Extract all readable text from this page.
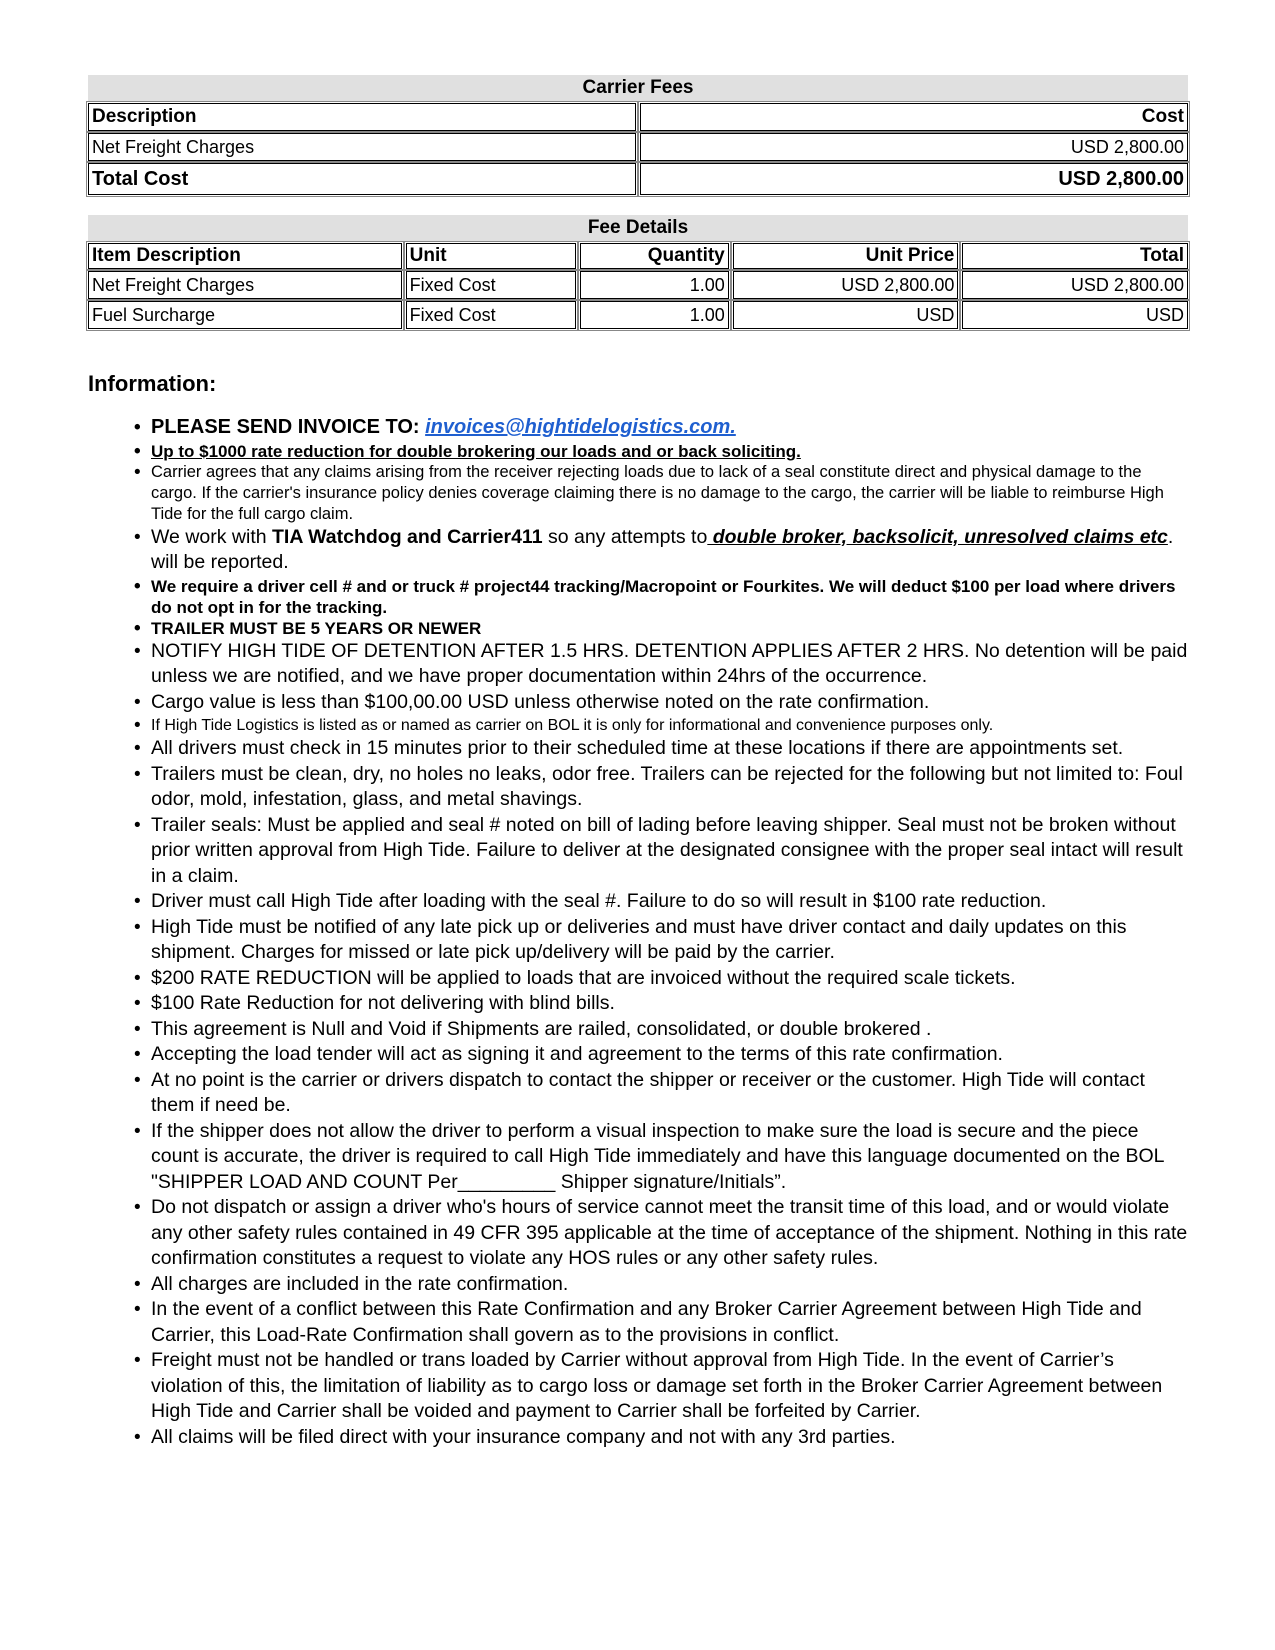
Carrier Fees
Description	Cost
Net Freight Charges	USD 2,800.00
Total Cost	USD 2,800.00
Fee Details
Item Description	Unit	Quantity	Unit Price	Total
Net Freight Charges	Fixed Cost	1.00	USD 2,800.00	USD 2,800.00
Fuel Surcharge	Fixed Cost	1.00	USD	USD
Information:
• PLEASE SEND INVOICE TO: invoices@hightidelogistics.com.
• Up to $1000 rate reduction for double brokering our loads and or back soliciting.
• Carrier agrees that any claims arising from the receiver rejecting loads due to lack of a seal constitute direct and physical damage to the cargo. If the carrier's insurance policy denies coverage claiming there is no damage to the cargo, the carrier will be liable to reimburse High Tide for the full cargo claim.
• We work with TIA Watchdog and Carrier411 so any attempts to double broker, backsolicit, unresolved claims etc. will be reported.
• We require a driver cell # and or truck # project44 tracking/Macropoint or Fourkites. We will deduct $100 per load where drivers do not opt in for the tracking.
• TRAILER MUST BE 5 YEARS OR NEWER
• NOTIFY HIGH TIDE OF DETENTION AFTER 1.5 HRS. DETENTION APPLIES AFTER 2 HRS. No detention will be paid unless we are notified, and we have proper documentation within 24hrs of the occurrence.
• Cargo value is less than $100,00.00 USD unless otherwise noted on the rate confirmation.
• If High Tide Logistics is listed as or named as carrier on BOL it is only for informational and convenience purposes only.
• All drivers must check in 15 minutes prior to their scheduled time at these locations if there are appointments set.
• Trailers must be clean, dry, no holes no leaks, odor free. Trailers can be rejected for the following but not limited to: Foul odor, mold, infestation, glass, and metal shavings.
• Trailer seals: Must be applied and seal # noted on bill of lading before leaving shipper. Seal must not be broken without prior written approval from High Tide. Failure to deliver at the designated consignee with the proper seal intact will result in a claim.
• Driver must call High Tide after loading with the seal #. Failure to do so will result in $100 rate reduction.
• High Tide must be notified of any late pick up or deliveries and must have driver contact and daily updates on this shipment. Charges for missed or late pick up/delivery will be paid by the carrier.
• $200 RATE REDUCTION will be applied to loads that are invoiced without the required scale tickets.
• $100 Rate Reduction for not delivering with blind bills.
• This agreement is Null and Void if Shipments are railed, consolidated, or double brokered .
• Accepting the load tender will act as signing it and agreement to the terms of this rate confirmation.
• At no point is the carrier or drivers dispatch to contact the shipper or receiver or the customer. High Tide will contact them if need be.
• If the shipper does not allow the driver to perform a visual inspection to make sure the load is secure and the piece count is accurate, the driver is required to call High Tide immediately and have this language documented on the BOL "SHIPPER LOAD AND COUNT Per_________ Shipper signature/Initials”.
• Do not dispatch or assign a driver who's hours of service cannot meet the transit time of this load, and or would violate any other safety rules contained in 49 CFR 395 applicable at the time of acceptance of the shipment. Nothing in this rate confirmation constitutes a request to violate any HOS rules or any other safety rules.
• All charges are included in the rate confirmation.
• In the event of a conflict between this Rate Confirmation and any Broker Carrier Agreement between High Tide and Carrier, this Load-Rate Confirmation shall govern as to the provisions in conflict.
• Freight must not be handled or trans loaded by Carrier without approval from High Tide. In the event of Carrier’s violation of this, the limitation of liability as to cargo loss or damage set forth in the Broker Carrier Agreement between High Tide and Carrier shall be voided and payment to Carrier shall be forfeited by Carrier.
• All claims will be filed direct with your insurance company and not with any 3rd parties.
